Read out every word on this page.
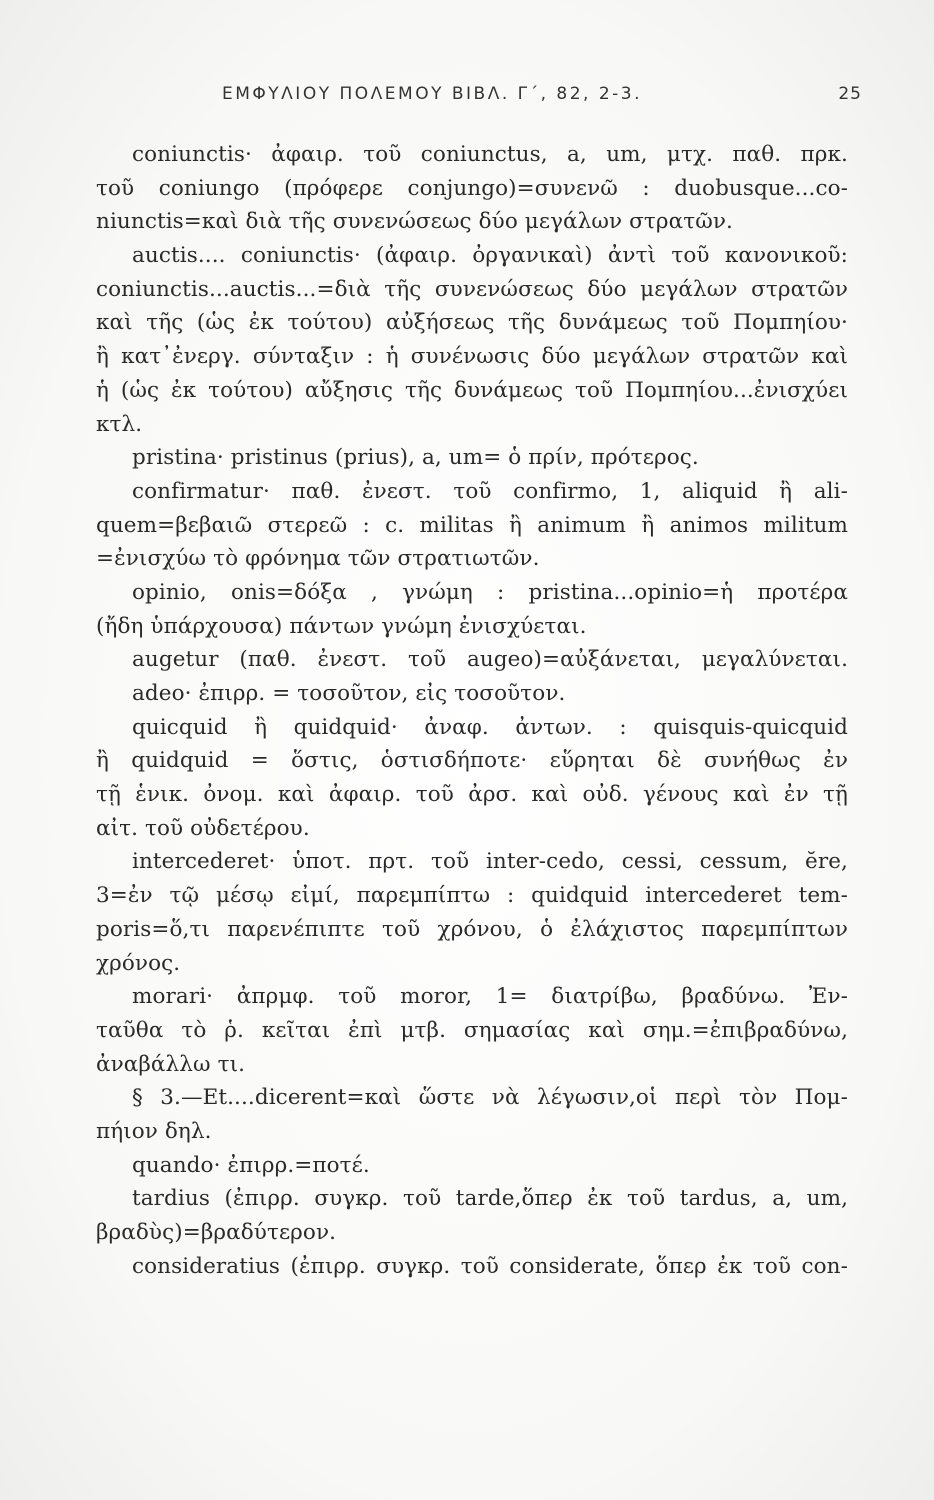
ΕΜΦΥΛΙΟΥ ΠΟΛΕΜΟΥ ΒΙΒΛ. Γ΄, 82, 2-3.	25
coniunctis· ἀφαιρ. τοῦ coniunctus, a, um, μτχ. παθ. πρκ.
τοῦ coniungo (πρόφερε conjungo)=συνενῶ : duobusque...co-
niunctis=καὶ διὰ τῆς συνενώσεως δύο μεγάλων στρατῶν.
auctis.... coniunctis· (ἀφαιρ. ὀργανικαὶ) ἀντὶ τοῦ κανονικοῦ:
coniunctis...auctis...=διὰ τῆς συνενώσεως δύο μεγάλων στρατῶν
καὶ τῆς (ὡς ἐκ τούτου) αὐξήσεως τῆς δυνάμεως τοῦ Πομπηίου·
ἢ κατ᾽ἐνεργ. σύνταξιν : ἡ συνένωσις δύο μεγάλων στρατῶν καὶ
ἡ (ὡς ἐκ τούτου) αὔξησις τῆς δυνάμεως τοῦ Πομπηίου...ἐνισχύει
κτλ.
pristina· pristinus (prius), a, um= ὁ πρίν, πρότερος.
confirmatur· παθ. ἐνεστ. τοῦ confirmo, 1, aliquid ἢ ali-
quem=βεβαιῶ στερεῶ : c. militas ἢ animum ἢ animos militum
=ἐνισχύω τὸ φρόνημα τῶν στρατιωτῶν.
opinio, onis=δόξα , γνώμη : pristina...opinio=ἡ προτέρα
(ἤδη ὑπάρχουσα) πάντων γνώμη ἐνισχύεται.
augetur (παθ. ἐνεστ. τοῦ augeo)=αὐξάνεται, μεγαλύνεται.
adeo· ἐπιρρ. = τοσοῦτον, εἰς τοσοῦτον.
quicquid ἢ quidquid· ἀναφ. ἀντων. : quisquis-quicquid
ἢ quidquid = ὅστις, ὁστισδήποτε· εὕρηται δὲ συνήθως ἐν
τῇ ἑνικ. ὀνομ. καὶ ἀφαιρ. τοῦ ἀρσ. καὶ οὐδ. γένους καὶ ἐν τῇ
αἰτ. τοῦ οὐδετέρου.
intercederet· ὑποτ. πρτ. τοῦ inter-cedo, cessi, cessum, ĕre,
3=ἐν τῷ μέσῳ εἰμί, παρεμπίπτω : quidquid intercederet tem-
poris=ὅ,τι παρενέπιπτε τοῦ χρόνου, ὁ ἐλάχιστος παρεμπίπτων
χρόνος.
morari· ἀπρμφ. τοῦ moror, 1= διατρίβω, βραδύνω. Ἐν-
ταῦθα τὸ ῥ. κεῖται ἐπὶ μτβ. σημασίας καὶ σημ.=ἐπιβραδύνω,
ἀναβάλλω τι.
§ 3.—Et....dicerent=καὶ ὥστε νὰ λέγωσιν,οἱ περὶ τὸν Πομ-
πήιον δηλ.
quando· ἐπιρρ.=ποτέ.
tardius (ἐπιρρ. συγκρ. τοῦ tarde,ὅπερ ἐκ τοῦ tardus, a, um,
βραδὺς)=βραδύτερον.
consideratius (ἐπιρρ. συγκρ. τοῦ considerate, ὅπερ ἐκ τοῦ con-
